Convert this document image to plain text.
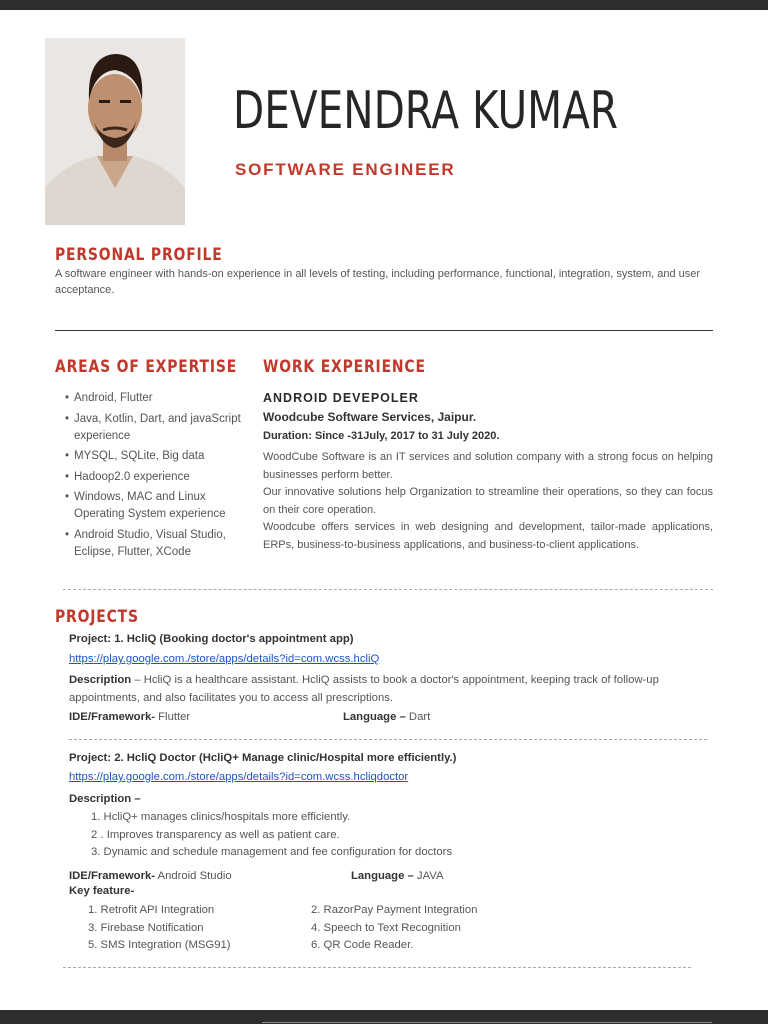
DEVENDRA KUMAR
SOFTWARE ENGINEER
PERSONAL PROFILE

A software engineer with hands-on experience in all levels of testing, including performance, functional, integration, system, and user acceptance.

AREAS OF EXPERTISE
• Android, Flutter
• Java, Kotlin, Dart, and javaScript experience
• MYSQL, SQLite, Big data
• Hadoop2.0 experience
• Windows, MAC and Linux Operating System experience
• Android Studio, Visual Studio, Eclipse, Flutter, XCode
WORK EXPERIENCE
ANDROID DEVEPOLER
Woodcube Software Services, Jaipur.
Duration: Since -31July, 2017 to 31 July 2020.
WoodCube Software is an IT services and solution company with a strong focus on helping businesses perform better.
Our innovative solutions help Organization to streamline their operations, so they can focus on their core operation.
Woodcube offers services in web designing and development, tailor-made applications, ERPs, business-to-business applications, and business-to-client applications.
PROJECTS
Project: 1. HcliQ (Booking doctor's appointment app)
https://play.google.com./store/apps/details?id=com.wcss.hcliQ

Description – HcliQ is a healthcare assistant. HcliQ assists to book a doctor's appointment, keeping track of follow-up appointments, and also facilitates you to access all prescriptions.

IDE/Framework- Flutter	Language – Dart
Project: 2. HcliQ Doctor (HcliQ+ Manage clinic/Hospital more efficiently.)
https://play.google.com./store/apps/details?id=com.wcss.hcliqdoctor
Description –
1. HcliQ+ manages clinics/hospitals more efficiently.
2 . Improves transparency as well as patient care.
3. Dynamic and schedule management and fee configuration for doctors
IDE/Framework- Android Studio	Language – JAVA
Key feature-
1. Retrofit API Integration
3. Firebase Notification
5. SMS Integration (MSG91)
2. RazorPay Payment Integration
4. Speech to Text Recognition
6. QR Code Reader.
